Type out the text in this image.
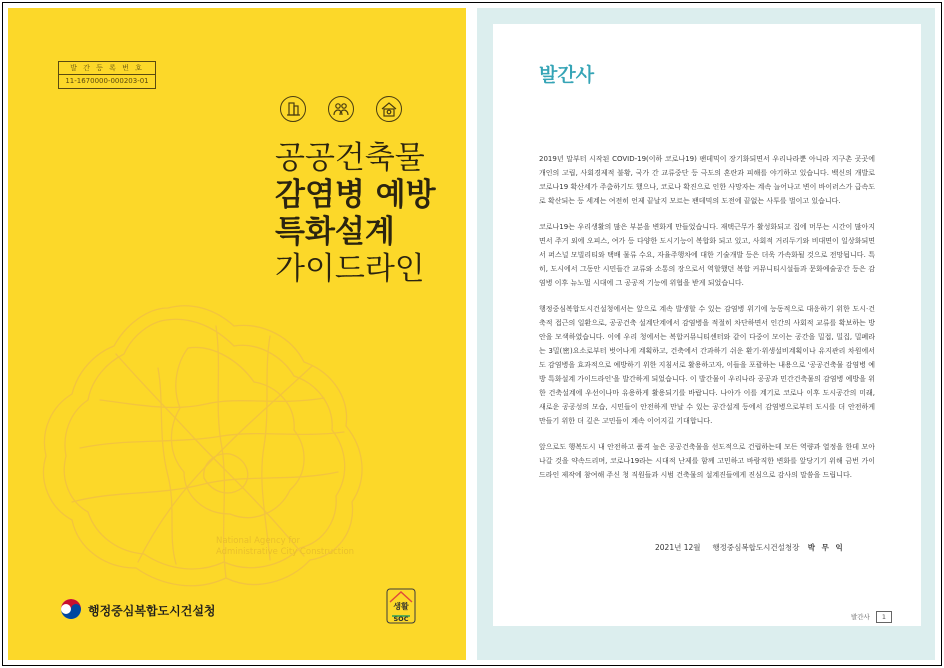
발 간 등 록 번 호
11-1670000-000203-01
공공건축물
감염병 예방
특화설계
가이드라인
National Agency for
Administrative City Construction
행정중심복합도시건설청	생활
SOC
발간사

2019년 말부터 시작된 COVID-19(이하 코로나19) 팬데믹이 장기화되면서 우리나라뿐 아니라 지구촌 곳곳에 개인의 고립, 사회경제적 불황, 국가 간 교류중단 등 극도의 혼란과 피해를 야기하고 있습니다. 백신의 개발로 코로나19 확산세가 주춤하기도 했으나, 코로나 확진으로 인한 사망자는 계속 늘어나고 변이 바이러스가 급속도로 확산되는 등 세계는 여전히 언제 끝날지 모르는 팬데믹의 도전에 끝없는 사투를 벌이고 있습니다.

코로나19는 우리생활의 많은 부분을 변화게 만들었습니다. 재택근무가 활성화되고 집에 머무는 시간이 많아지면서 주거 외에 오피스, 여가 등 다양한 도시기능이 복합화 되고 있고, 사회적 거리두기와 비대면이 일상화되면서 퍼스널 모빌리티와 택배 물류 수요, 자율주행차에 대한 기술개발 등은 더욱 가속화될 것으로 전망됩니다. 특히, 도시에서 그동안 시민들간 교류와 소통의 장으로서 역할했던 복합 커뮤니티시설들과 문화예술공간 등은 감염병 이후 뉴노멀 시대에 그 공공적 기능에 위협을 받게 되었습니다.

행정중심복합도시건설청에서는 앞으로 계속 발생할 수 있는 감염병 위기에 능동적으로 대응하기 위한 도시·건축적 접근의 일환으로, 공공건축 설계단계에서 감염병을 적절히 차단하면서 인간의 사회적 교류를 확보하는 방안을 모색하였습니다. 이에 우리 청에서는 복합커뮤니티센터와 같이 다중이 모이는 공간을 밀접, 밀집, 밀폐라는 3밀(密)요소로부터 벗어나게 계획하고, 건축에서 간과하기 쉬운 환기·위생설비계획이나 유지관리 차원에서도 감염병을 효과적으로 예방하기 위한 지침서로 활용하고자, 이들을 포괄하는 내용으로 '공공건축물 감염병 예방 특화설계 가이드라인'을 발간하게 되었습니다. 이 발간물이 우리나라 공공과 민간건축물의 감염병 예방을 위한 건축설계에 우선이나마 유용하게 활용되기를 바랍니다. 나아가 이를 계기로 코로나 이후 도시공간의 미래, 새로운 공공성의 모습, 시민들이 안전하게 만날 수 있는 공간설계 등에서 감염병으로부터 도시를 더 안전하게 만들기 위한 더 깊은 고민들이 계속 이어지길 기대합니다.

앞으로도 행복도시 내 안전하고 품격 높은 공공건축물을 선도적으로 건립하는데 모든 역량과 열정을 한데 모아 나갈 것을 약속드리며, 코로나19라는 시대적 난제를 함께 고민하고 바람직한 변화를 앞당기기 위해 금번 가이드라인 제작에 참여해 주신 청 직원들과 시범 건축물의 설계진들에게 진심으로 감사의 말씀을 드립니다.

2021년 12월 행정중심복합도시건설청장 박 무 익
발간사 1
